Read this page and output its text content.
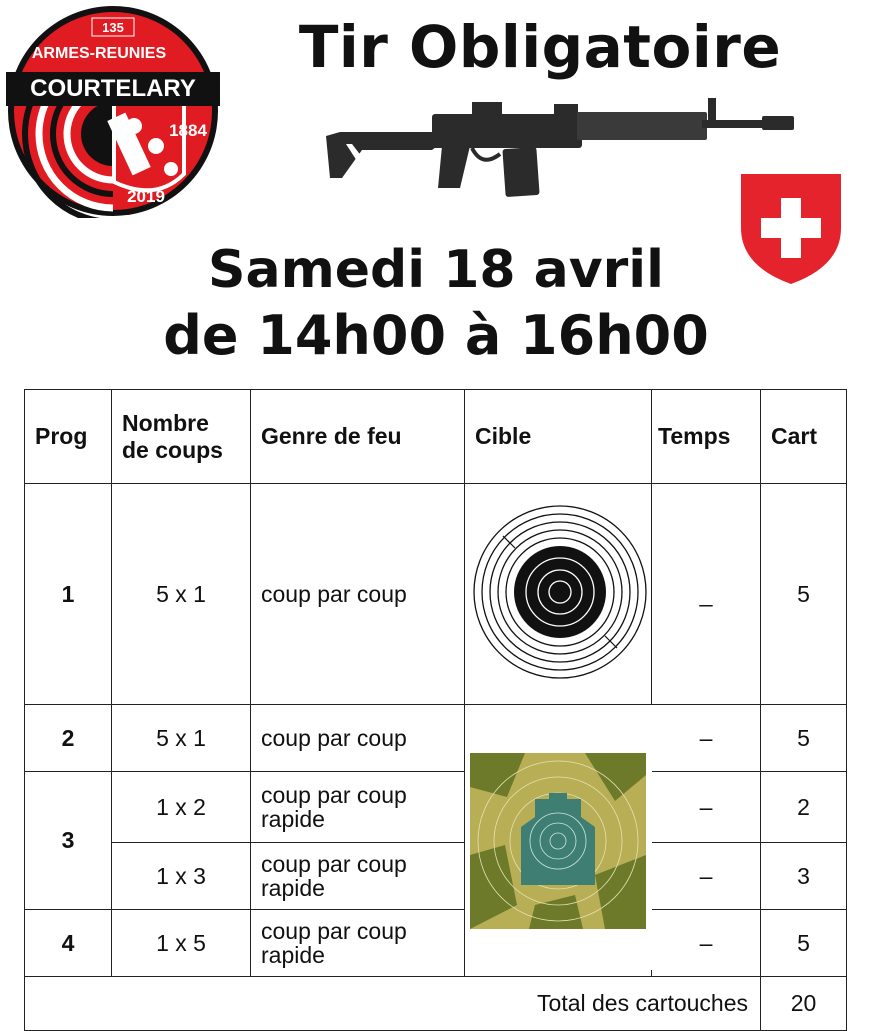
135
ARMES-REUNIES
COURTELARY
1884
2019
Tir Obligatoire
Samedi 18 avril
de 14h00 à 16h00
Prog	Nombre
de coups	Genre de feu	Cible	Temps	Cart
1	5 x 1	coup par coup		_	5
2	5 x 1	coup par coup		–	5
3	1 x 2	coup par coup
rapide		–	2
	1 x 3	coup par coup
rapide		–	3
4	1 x 5	coup par coup
rapide		–	5
Total des cartouches					20
